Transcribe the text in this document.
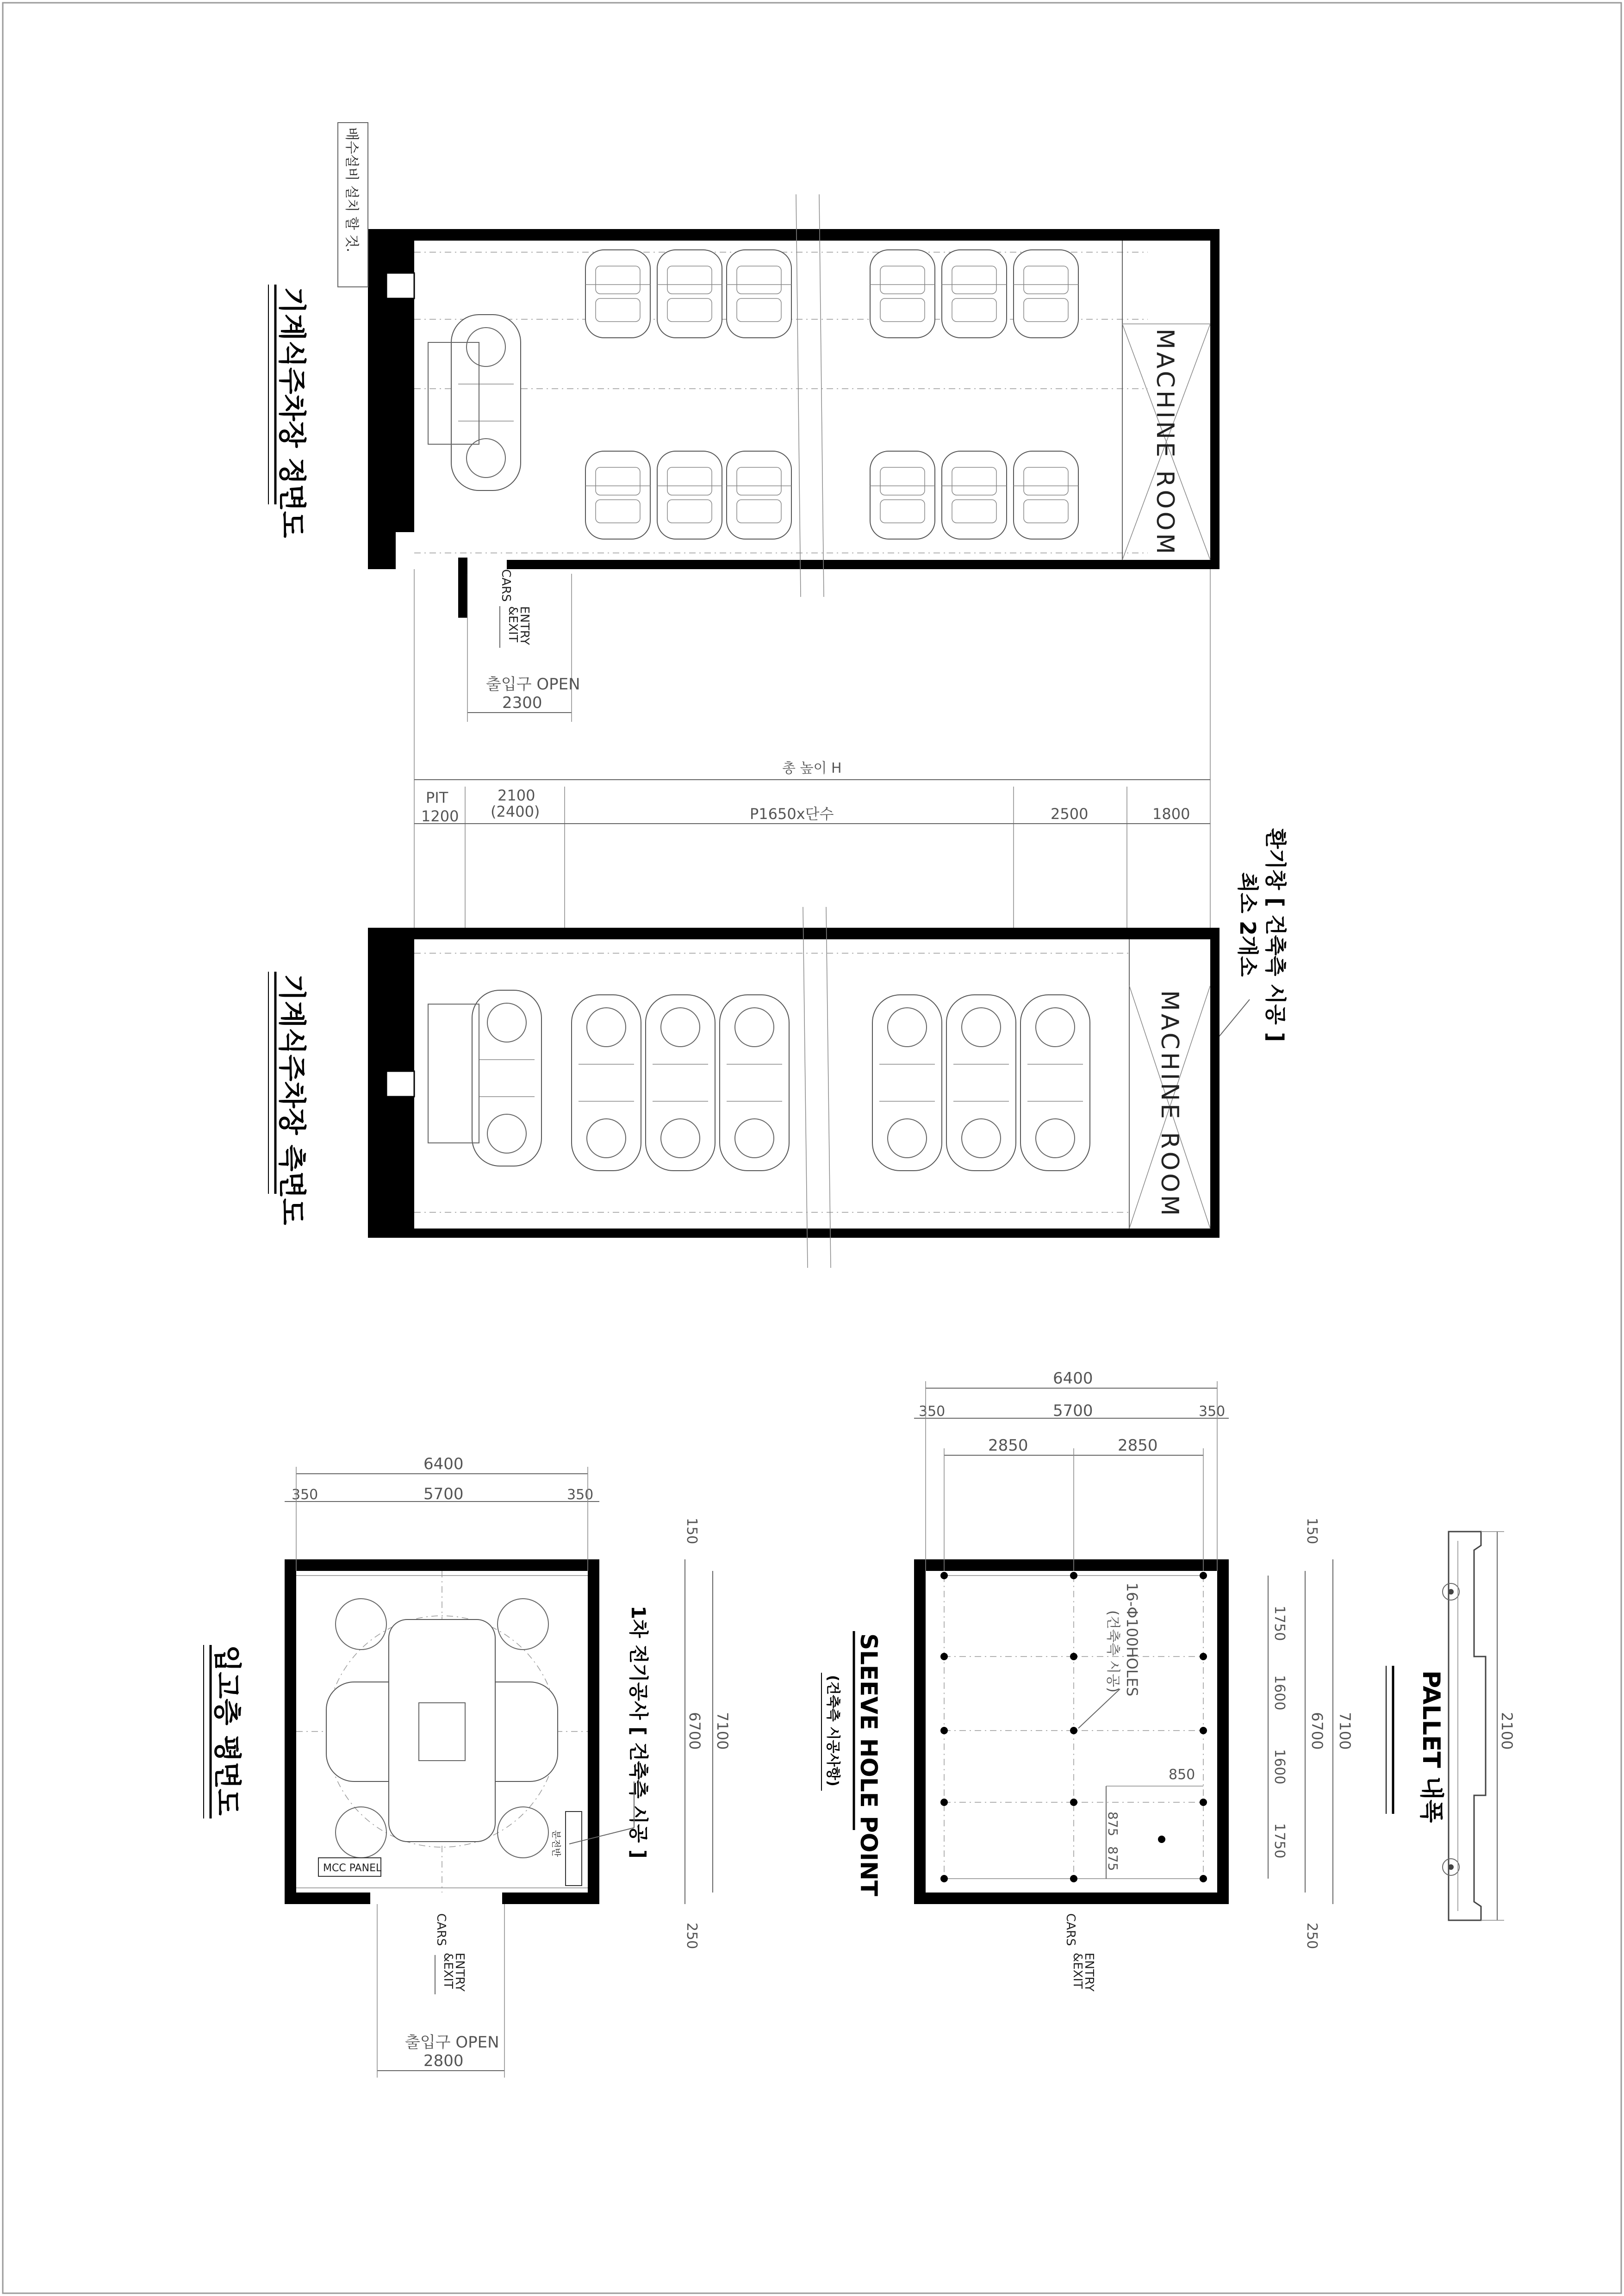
MACHINE ROOM
기계식주차장 정면도
배수설비 설치 할 것.
CARS
ENTRY
&EXIT
출입구 OPEN
2300
총 높이 H
PIT
1200
2100
(2400)	P1650x단수	2500	1800
환기창 [ 건축측 시공 ]
최소 2개소
MACHINE ROOM
기계식주차장 측면도
MCC PANEL
분전반
입고층 평면도	1차 전기공사 [ 건축측 시공 ]
6400
350	5700	350
150
6700 7100
250
CARS
ENTRY
&EXIT
출입구 OPEN
2800
16-Φ100HOLES
(건축측 시공)
850
875
875
SLEEVE HOLE POINT
(건축측 시공사항)
6400
350	5700	350
2850	2850
1750
1600
1600
1750
6700 7100
150
250
CARS
ENTRY
&EXIT
PALLET 내폭	2100
